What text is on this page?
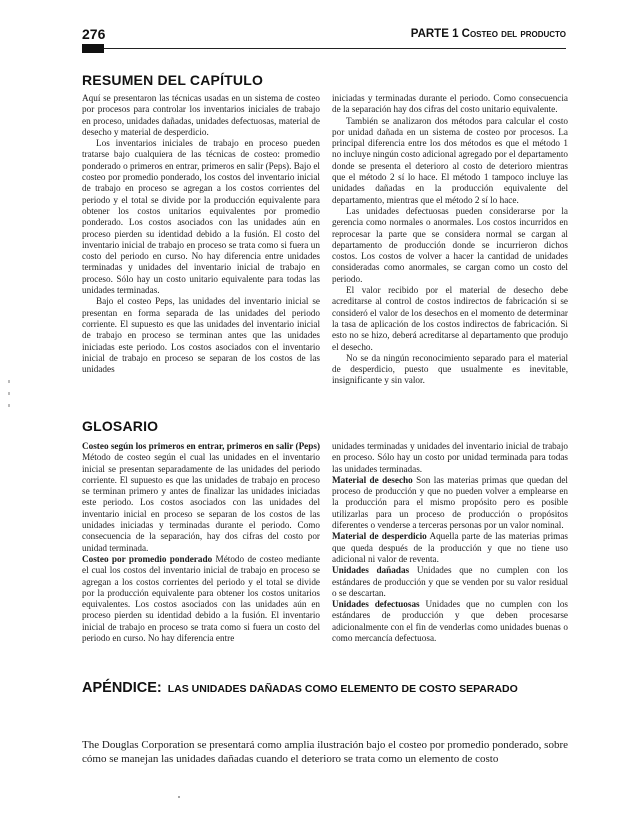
276	PARTE 1 Costeo del producto
RESUMEN DEL CAPÍTULO

Aquí se presentaron las técnicas usadas en un sistema de costeo por procesos para controlar los inventarios iniciales de trabajo en proceso, unidades dañadas, unidades defectuosas, material de desecho y material de desperdicio.

Los inventarios iniciales de trabajo en proceso pueden tratarse bajo cualquiera de las técnicas de costeo: promedio ponderado o primeros en entrar, primeros en salir (Peps). Bajo el costeo por promedio ponderado, los costos del inventario inicial de trabajo en proceso se agregan a los costos corrientes del periodo y el total se divide por la producción equivalente para obtener los costos unitarios equivalentes por promedio ponderado. Los costos asociados con las unidades aún en proceso pierden su identidad debido a la fusión. El costo del inventario inicial de trabajo en proceso se trata como si fuera un costo del periodo en curso. No hay diferencia entre unidades terminadas y unidades del inventario inicial de trabajo en proceso. Sólo hay un costo unitario equivalente para todas las unidades terminadas.

Bajo el costeo Peps, las unidades del inventario inicial se presentan en forma separada de las unidades del periodo corriente. El supuesto es que las unidades del inventario inicial de trabajo en proceso se terminan antes que las unidades iniciadas este periodo. Los costos asociados con el inventario inicial de trabajo en proceso se separan de los costos de las unidades

iniciadas y terminadas durante el periodo. Como consecuencia de la separación hay dos cifras del costo unitario equivalente.

También se analizaron dos métodos para calcular el costo por unidad dañada en un sistema de costeo por procesos. La principal diferencia entre los dos métodos es que el método 1 no incluye ningún costo adicional agregado por el departamento donde se presenta el deterioro al costo de deterioro mientras que el método 2 sí lo hace. El método 1 tampoco incluye las unidades dañadas en la producción equivalente del departamento, mientras que el método 2 sí lo hace.

Las unidades defectuosas pueden considerarse por la gerencia como normales o anormales. Los costos incurridos en reprocesar la parte que se considera normal se cargan al departamento de producción donde se incurrieron dichos costos. Los costos de volver a hacer la cantidad de unidades consideradas como anormales, se cargan como un costo del periodo.

El valor recibido por el material de desecho debe acreditarse al control de costos indirectos de fabricación si se consideró el valor de los desechos en el momento de determinar la tasa de aplicación de los costos indirectos de fabricación. Si esto no se hizo, deberá acreditarse al departamento que produjo el desecho.

No se da ningún reconocimiento separado para el material de desperdicio, puesto que usualmente es inevitable, insignificante y sin valor.

GLOSARIO

Costeo según los primeros en entrar, primeros en salir (Peps) Método de costeo según el cual las unidades en el inventario inicial se presentan separadamente de las unidades del periodo corriente. El supuesto es que las unidades de trabajo en proceso se terminan primero y antes de finalizar las unidades iniciadas este periodo. Los costos asociados con las unidades del inventario inicial en proceso se separan de los costos de las unidades iniciadas y terminadas durante el periodo. Como consecuencia de la separación, hay dos cifras del costo por unidad terminada.

Costeo por promedio ponderado Método de costeo mediante el cual los costos del inventario inicial de trabajo en proceso se agregan a los costos corrientes del periodo y el total se divide por la producción equivalente para obtener los costos unitarios equivalentes. Los costos asociados con las unidades aún en proceso pierden su identidad debido a la fusión. El inventario inicial de trabajo en proceso se trata como si fuera un costo del periodo en curso. No hay diferencia entre

unidades terminadas y unidades del inventario inicial de trabajo en proceso. Sólo hay un costo por unidad terminada para todas las unidades terminadas.

Material de desecho Son las materias primas que quedan del proceso de producción y que no pueden volver a emplearse en la producción para el mismo propósito pero es posible utilizarlas para un proceso de producción o propósitos diferentes o venderse a terceras personas por un valor nominal.

Material de desperdicio Aquella parte de las materias primas que queda después de la producción y que no tiene uso adicional ni valor de reventa.

Unidades dañadas Unidades que no cumplen con los estándares de producción y que se venden por su valor residual o se descartan.

Unidades defectuosas Unidades que no cumplen con los estándares de producción y que deben procesarse adicionalmente con el fin de venderlas como unidades buenas o como mercancía defectuosa.

APÉNDICE: LAS UNIDADES DAÑADAS COMO ELEMENTO DE COSTO SEPARADO
The Douglas Corporation se presentará como amplia ilustración bajo el costeo por promedio ponderado, sobre cómo se manejan las unidades dañadas cuando el deterioro se trata como un elemento de costo
